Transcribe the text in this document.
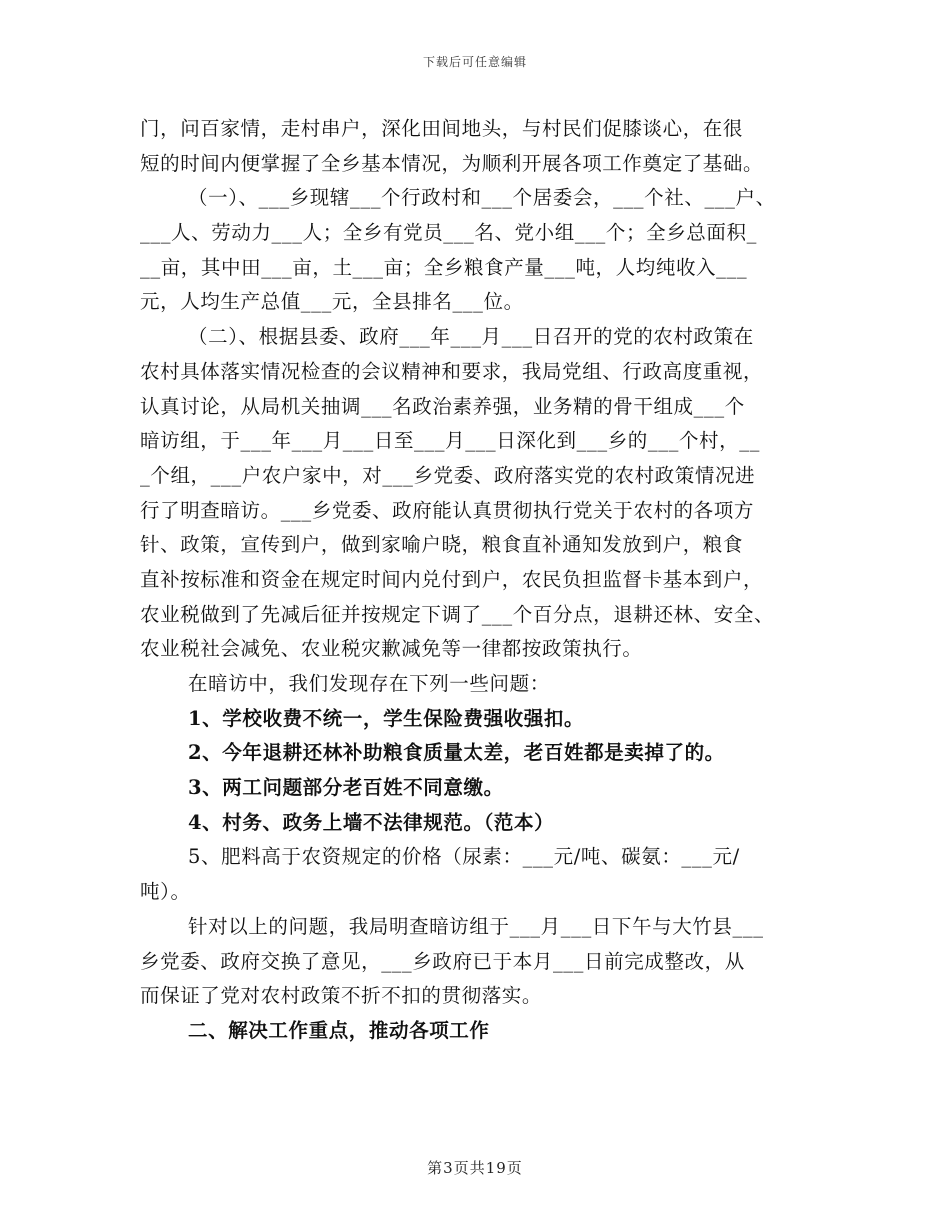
下载后可任意编辑
门，问百家情，走村串户，深化田间地头，与村民们促膝谈心，在很
短的时间内便掌握了全乡基本情况，为顺利开展各项工作奠定了基础。
（一）、___乡现辖___个行政村和___个居委会，___个社、___户、
___人、劳动力___人；全乡有党员___名、党小组___个；全乡总面积_
__亩，其中田___亩，土___亩；全乡粮食产量___吨，人均纯收入___
元，人均生产总值___元，全县排名___位。
（二）、根据县委、政府___年___月___日召开的党的农村政策在
农村具体落实情况检查的会议精神和要求，我局党组、行政高度重视，
认真讨论，从局机关抽调___名政治素养强，业务精的骨干组成___个
暗访组，于___年___月___日至___月___日深化到___乡的___个村，__
_个组，___户农户家中，对___乡党委、政府落实党的农村政策情况进
行了明查暗访。___乡党委、政府能认真贯彻执行党关于农村的各项方
针、政策，宣传到户，做到家喻户晓，粮食直补通知发放到户，粮食
直补按标准和资金在规定时间内兑付到户，农民负担监督卡基本到户，
农业税做到了先减后征并按规定下调了___个百分点，退耕还林、安全、
农业税社会减免、农业税灾歉减免等一律都按政策执行。
在暗访中，我们发现存在下列一些问题：
1、学校收费不统一，学生保险费强收强扣。
2、今年退耕还林补助粮食质量太差，老百姓都是卖掉了的。
3、两工问题部分老百姓不同意缴。
4、村务、政务上墙不法律规范。（范本）
5、肥料高于农资规定的价格（尿素：___元/吨、碳氨：___元/
吨）。
针对以上的问题，我局明查暗访组于___月___日下午与大竹县___
乡党委、政府交换了意见，___乡政府已于本月___日前完成整改，从
而保证了党对农村政策不折不扣的贯彻落实。
二、解决工作重点，推动各项工作
第3页共19页
